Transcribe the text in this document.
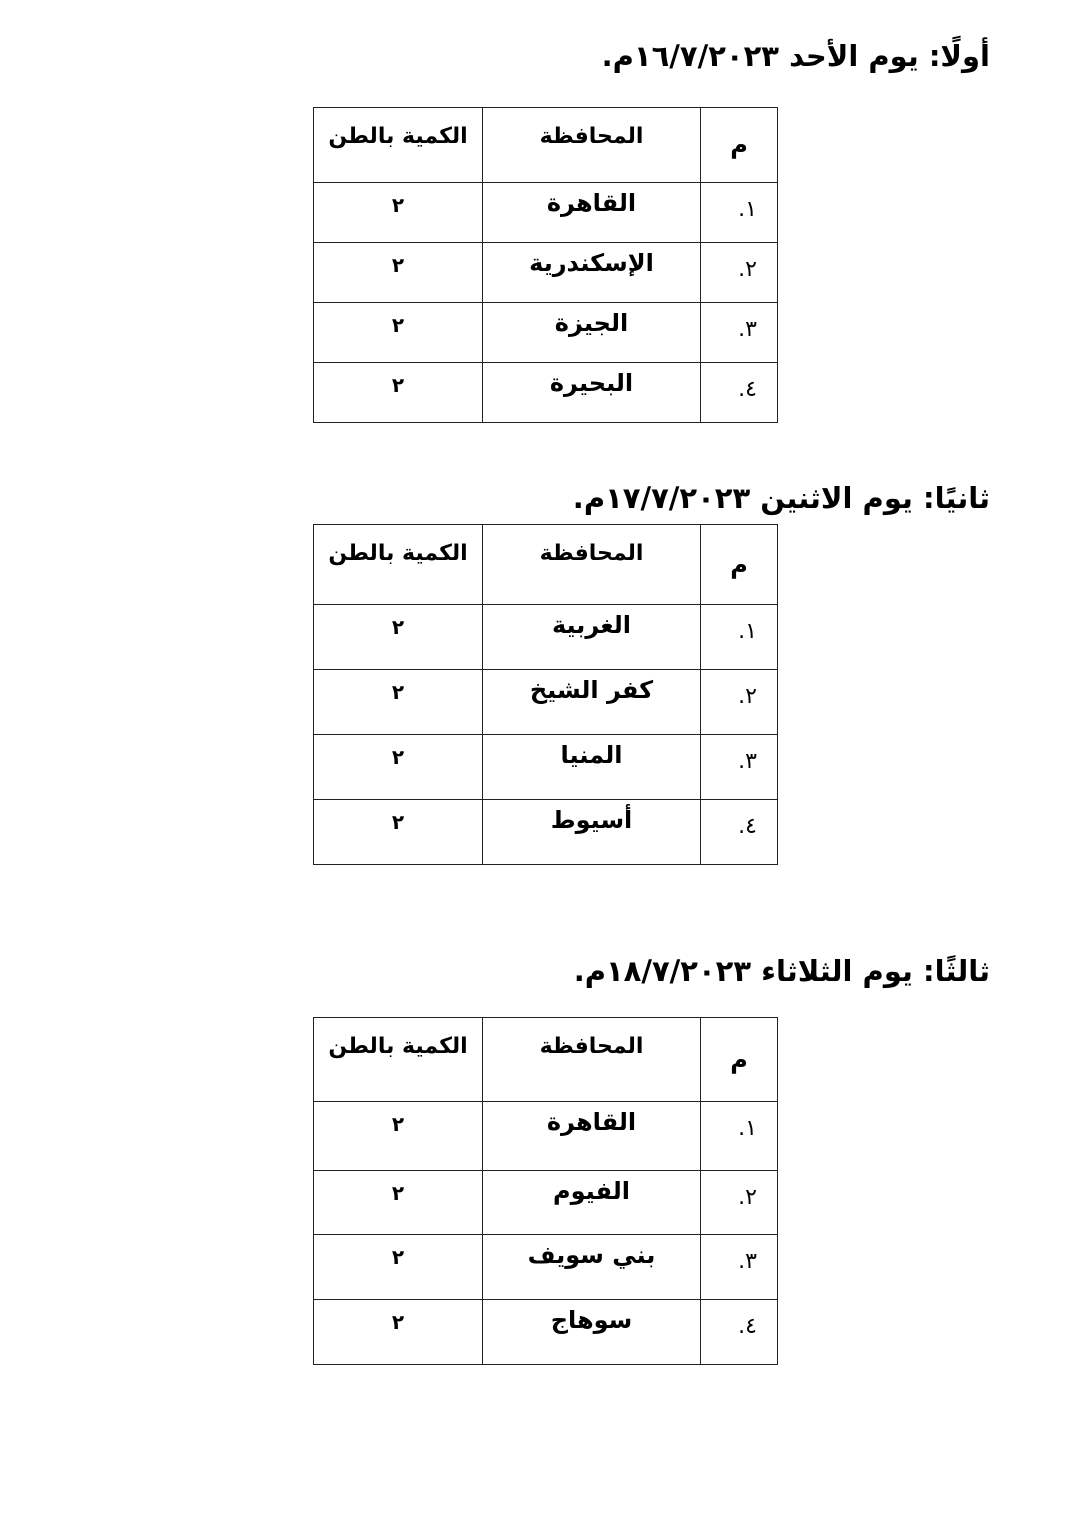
أولًا: يوم الأحد ١٦/٧/٢٠٢٣م.
م	المحافظة	الكمية بالطن
١.	القاهرة	٢
٢.	الإسكندرية	٢
٣.	الجيزة	٢
٤.	البحيرة	٢
ثانيًا: يوم الاثنين ١٧/٧/٢٠٢٣م.
م	المحافظة	الكمية بالطن
١.	الغربية	٢
٢.	كفر الشيخ	٢
٣.	المنيا	٢
٤.	أسيوط	٢
ثالثًا: يوم الثلاثاء ١٨/٧/٢٠٢٣م.
م	المحافظة	الكمية بالطن
١.	القاهرة	٢
٢.	الفيوم	٢
٣.	بني سويف	٢
٤.	سوهاج	٢
